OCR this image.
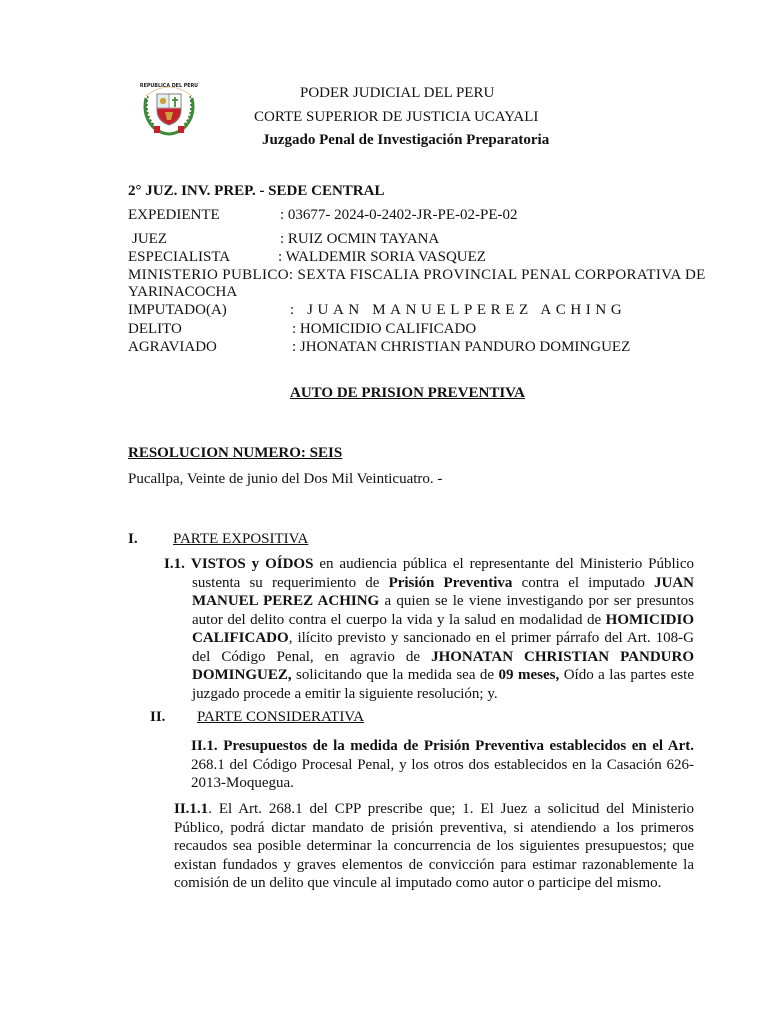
REPUBLICA DEL PERU	PODER JUDICIAL DEL PERU
CORTE SUPERIOR DE JUSTICIA UCAYALI
Juzgado Penal de Investigación Preparatoria
2° JUZ. INV. PREP. - SEDE CENTRAL
EXPEDIENTE	: 03677- 2024-0-2402-JR-PE-02-PE-02
JUEZ	: RUIZ OCMIN TAYANA
ESPECIALISTA	: WALDEMIR SORIA VASQUEZ
MINISTERIO PUBLICO: SEXTA FISCALIA PROVINCIAL PENAL CORPORATIVA DE
YARINACOCHA
IMPUTADO(A)	: JUAN MANUELPEREZ ACHING
DELITO	: HOMICIDIO CALIFICADO
AGRAVIADO	: JHONATAN CHRISTIAN PANDURO DOMINGUEZ
AUTO DE PRISION PREVENTIVA
RESOLUCION NUMERO: SEIS
Pucallpa, Veinte de junio del Dos Mil Veinticuatro. -
I. PARTE EXPOSITIVA
I.1. VISTOS y OÍDOS en audiencia pública el representante del Ministerio Público sustenta su requerimiento de Prisión Preventiva contra el imputado JUAN MANUEL PEREZ ACHING a quien se le viene investigando por ser presuntos autor del delito contra el cuerpo la vida y la salud en modalidad de HOMICIDIO CALIFICADO, ilícito previsto y sancionado en el primer párrafo del Art. 108-G del Código Penal, en agravio de JHONATAN CHRISTIAN PANDURO DOMINGUEZ, solicitando que la medida sea de 09 meses, Oído a las partes este juzgado procede a emitir la siguiente resolución; y.
II. PARTE CONSIDERATIVA
II.1. Presupuestos de la medida de Prisión Preventiva establecidos en el Art. 268.1 del Código Procesal Penal, y los otros dos establecidos en la Casación 626-2013-Moquegua.
II.1.1. El Art. 268.1 del CPP prescribe que; 1. El Juez a solicitud del Ministerio Público, podrá dictar mandato de prisión preventiva, si atendiendo a los primeros recaudos sea posible determinar la concurrencia de los siguientes presupuestos; que existan fundados y graves elementos de convicción para estimar razonablemente la comisión de un delito que vincule al imputado como autor o participe del mismo.
